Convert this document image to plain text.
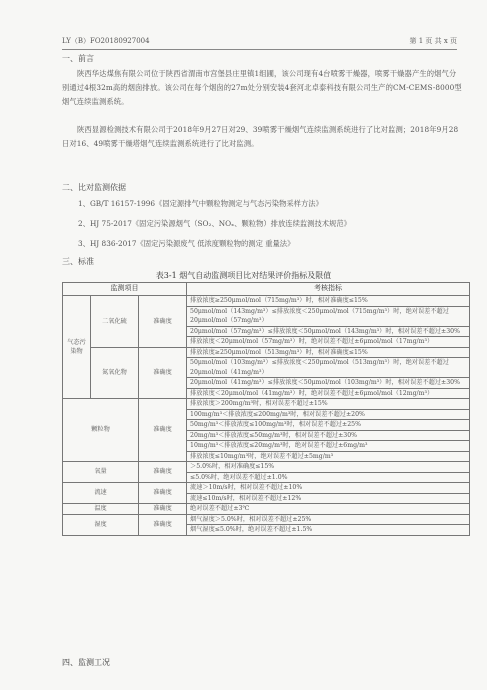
LY（B）FO20180927004	第 1 页 共 x 页
一、前言
陕西华达煤焦有限公司位于陕西省渭南市宫堡县庄里镇1组圃，该公司现有4台喷雾干燥器，喷雾干燥器产生的烟气分别通过4根32m高的烟囱排放。该公司在每个烟囱的27m处分别安装4套河北卓泰科技有限公司生产的CM-CEMS-8000型烟气连续监测系统。
陕西显源检测技术有限公司于2018年9月27日对29、39喷雾干燥烟气连续监测系统进行了比对监测；2018年9月28日对16、49喷雾干燥塔烟气连续监测系统进行了比对监测。
二、比对监测依据
1、GB/T 16157-1996《固定源排气中颗粒物测定与气态污染物采样方法》
2、HJ 75-2017《固定污染源烟气（SO₂、NOₓ、颗粒物）排放连续监测技术规范》
3、HJ 836-2017《固定污染源废气 低浓度颗粒物的测定 重量法》
三、标准
表3-1 烟气自动监测项目比对结果评价指标及限值
监测项目			考核指标
气态污染物	二氧化硫	准确度	排放浓度≥250μmol/mol（715mg/m³）时，相对准确度≤15%
			50μmol/mol（143mg/m³）≤排放浓度＜250μmol/mol（715mg/m³）时，绝对误差不超过20μmol/mol（57mg/m³）
			20μmol/mol（57mg/m³）≤排放浓度＜50μmol/mol（143mg/m³）时，相对误差不超过±30%
			排放浓度＜20μmol/mol（57mg/m³）时，绝对误差不超过±6μmol/mol（17mg/m³）
	氮氧化物	准确度	排放浓度≥250μmol/mol（513mg/m³）时，相对准确度≤15%
			50μmol/mol（103mg/m³）≤排放浓度＜250μmol/mol（513mg/m³）时，绝对误差不超过20μmol/mol（41mg/m³）
			20μmol/mol（41mg/m³）≤排放浓度＜50μmol/mol（103mg/m³）时，相对误差不超过±30%
			排放浓度＜20μmol/mol（41mg/m³）时，绝对误差不超过±6μmol/mol（12mg/m³）
颗粒物		准确度	排放浓度＞200mg/m³时，相对误差不超过±15%
			100mg/m³＜排放浓度≤200mg/m³时，相对误差不超过±20%
			50mg/m³＜排放浓度≤100mg/m³时，相对误差不超过±25%
			20mg/m³＜排放浓度≤50mg/m³时，相对误差不超过±30%
			10mg/m³＜排放浓度≤20mg/m³时，绝对误差不超过±6mg/m³
			排放浓度≤10mg/m³时，绝对误差不超过±5mg/m³
氧量		准确度	＞5.0%时，相对准确度≤15%
			≤5.0%时，绝对误差不超过±1.0%
流速		准确度	流速＞10m/s时，相对误差不超过±10%
			流速≤10m/s时，相对误差不超过±12%
温度		准确度	绝对误差不超过±3℃
湿度		准确度	烟气湿度＞5.0%时，相对误差不超过±25%
			烟气湿度≤5.0%时，绝对误差不超过±1.5%
四、监测工况
